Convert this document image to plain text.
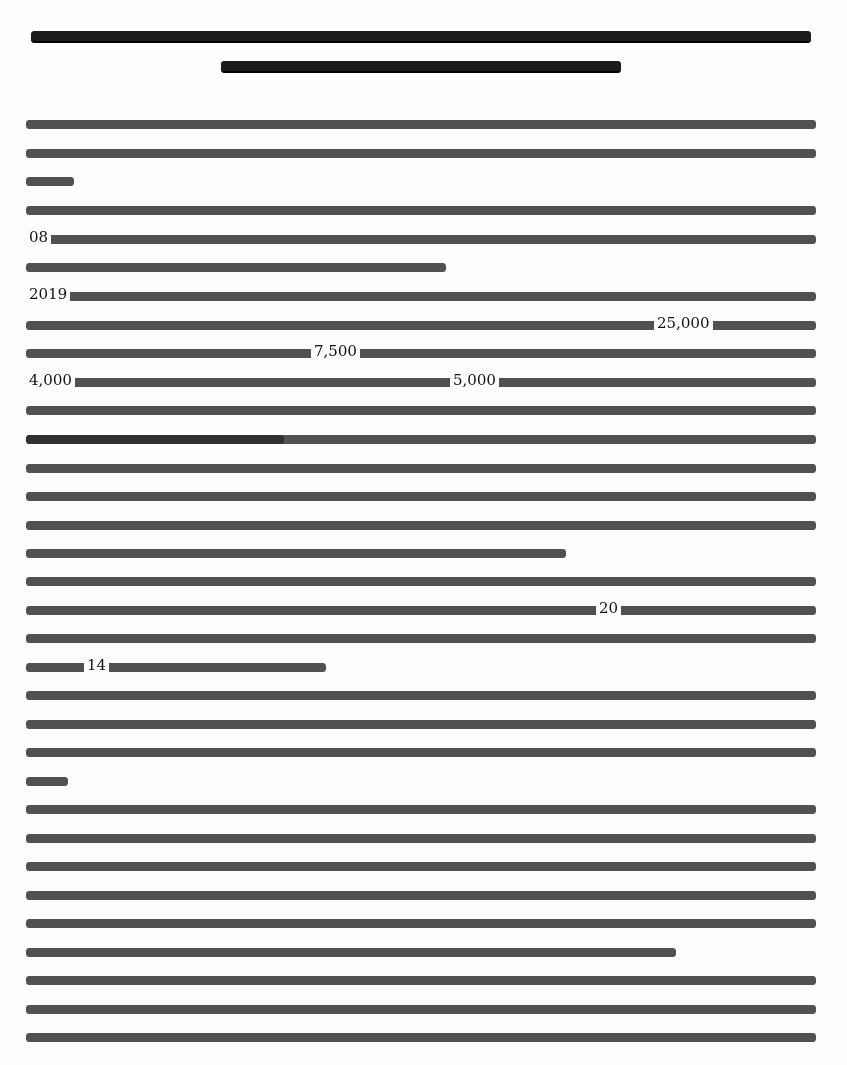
08
2019
25,000
7,500
4,000	5,000
20
14
